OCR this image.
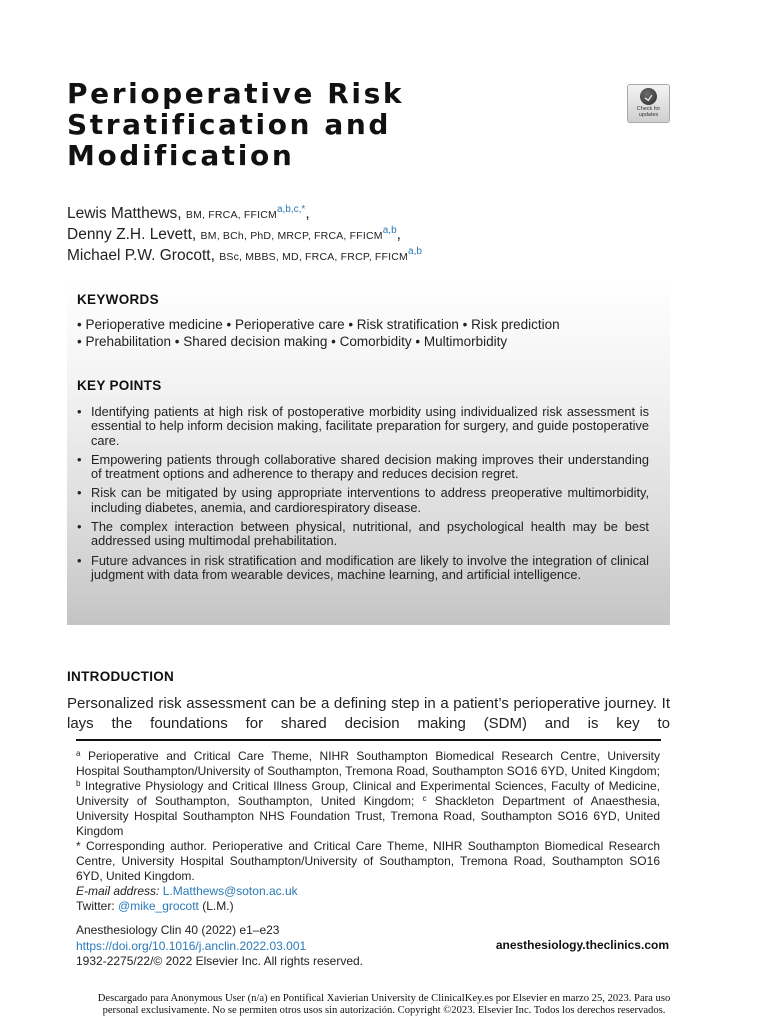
Perioperative Risk
Stratification and
Modification
Check for
updates
Lewis Matthews, BM, FRCA, $FFICM^{a,b,c,*}$,
Denny Z.H. Levett, BM, BCh, PhD, MRCP, FRCA, FFICM$^{a,b}$,
Michael P.W. Grocott, BSc, MBBS, MD, FRCA, FRCP, FFICM$^{a,b}$
KEYWORDS
• Perioperative medicine • Perioperative care • Risk stratification • Risk prediction
• Prehabilitation • Shared decision making • Comorbidity • Multimorbidity
KEY POINTS
• Identifying patients at high risk of postoperative morbidity using individualized risk assessment is essential to help inform decision making, facilitate preparation for surgery, and guide postoperative care.
• Empowering patients through collaborative shared decision making improves their understanding of treatment options and adherence to therapy and reduces decision regret.
• Risk can be mitigated by using appropriate interventions to address preoperative multimorbidity, including diabetes, anemia, and cardiorespiratory disease.
• The complex interaction between physical, nutritional, and psychological health may be best addressed using multimodal prehabilitation.
• Future advances in risk stratification and modification are likely to involve the integration of clinical judgment with data from wearable devices, machine learning, and artificial intelligence.
INTRODUCTION

Personalized risk assessment can be a defining step in a patient’s perioperative journey. It lays the foundations for shared decision making (SDM) and is key to

$^a$ Perioperative and Critical Care Theme, NIHR Southampton Biomedical Research Centre, University Hospital Southampton/University of Southampton, Tremona Road, Southampton SO16 6YD, United Kingdom; $^b$ Integrative Physiology and Critical Illness Group, Clinical and Experimental Sciences, Faculty of Medicine, University of Southampton, Southampton, United Kingdom; $^c$ Shackleton Department of Anaesthesia, University Hospital Southampton NHS Foundation Trust, Tremona Road, Southampton SO16 6YD, United Kingdom
* Corresponding author. Perioperative and Critical Care Theme, NIHR Southampton Biomedical Research Centre, University Hospital Southampton/University of Southampton, Tremona Road, Southampton SO16 6YD, United Kingdom.
E-mail address: L.Matthews@soton.ac.uk
Twitter: @mike_grocott (L.M.)
Anesthesiology Clin 40 (2022) e1–e23
https://doi.org/10.1016/j.anclin.2022.03.001
1932-2275/22/© 2022 Elsevier Inc. All rights reserved.
anesthesiology.theclinics.com
Descargado para Anonymous User (n/a) en Pontifical Xavierian University de ClinicalKey.es por Elsevier en marzo 25, 2023. Para uso
personal exclusivamente. No se permiten otros usos sin autorización. Copyright ©2023. Elsevier Inc. Todos los derechos reservados.
